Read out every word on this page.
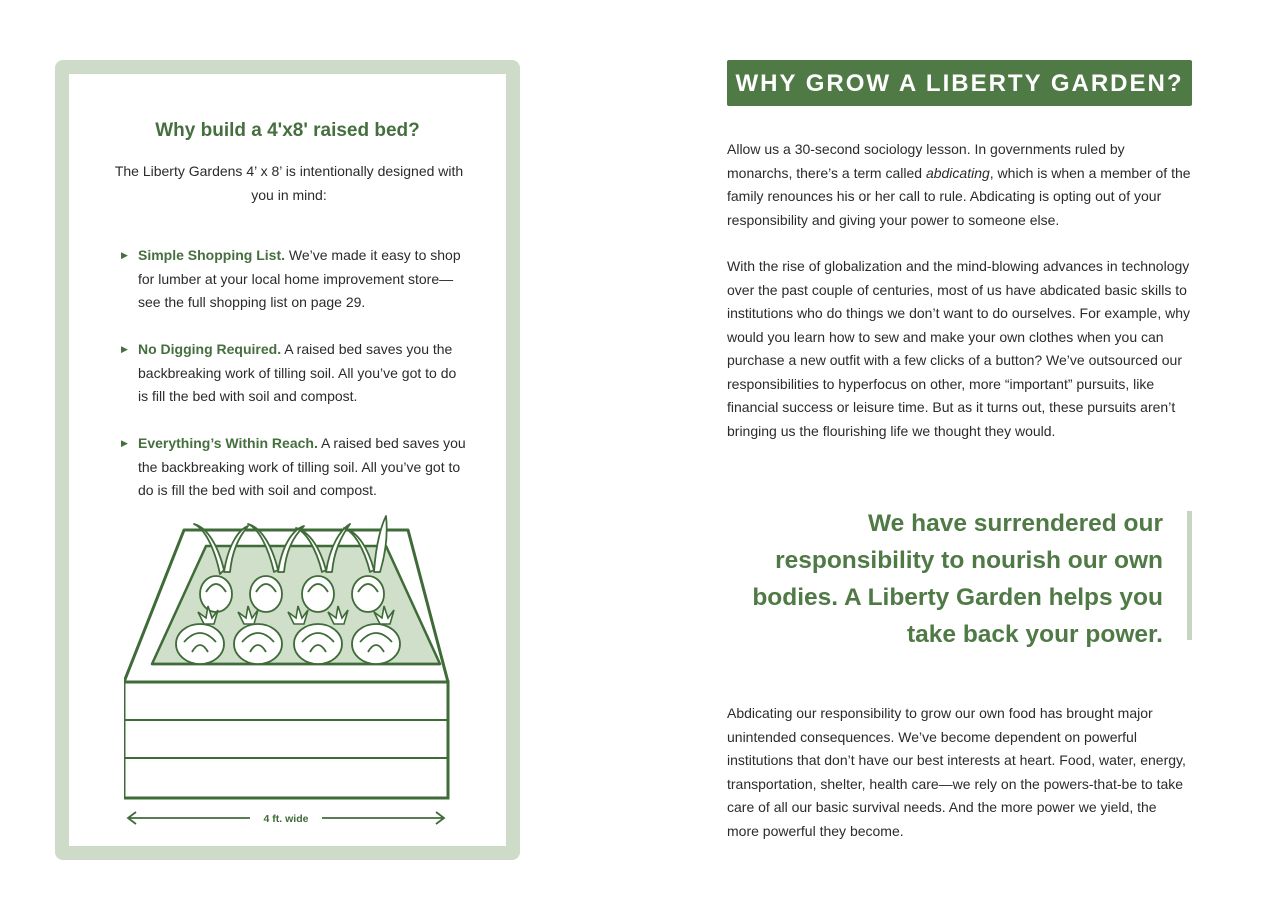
Why build a 4'x8' raised bed?
The Liberty Gardens 4’ x 8’ is intentionally designed with you in mind:
▶ Simple Shopping List. We’ve made it easy to shop for lumber at your local home improvement store—see the full shopping list on page 29.
▶ No Digging Required. A raised bed saves you the backbreaking work of tilling soil. All you’ve got to do is fill the bed with soil and compost.
▶ Everything’s Within Reach. A raised bed saves you the backbreaking work of tilling soil. All you’ve got to do is fill the bed with soil and compost.
4 ft. wide
WHY GROW A LIBERTY GARDEN?

Allow us a 30-second sociology lesson. In governments ruled by monarchs, there’s a term called abdicating, which is when a member of the family renounces his or her call to rule. Abdicating is opting out of your responsibility and giving your power to someone else.

With the rise of globalization and the mind-blowing advances in technology over the past couple of centuries, most of us have abdicated basic skills to institutions who do things we don’t want to do ourselves. For example, why would you learn how to sew and make your own clothes when you can purchase a new outfit with a few clicks of a button? We’ve outsourced our responsibilities to hyperfocus on other, more “important” pursuits, like financial success or leisure time. But as it turns out, these pursuits aren’t bringing us the flourishing life we thought they would.

We have surrendered our responsibility to nourish our own bodies. A Liberty Garden helps you take back your power.

Abdicating our responsibility to grow our own food has brought major unintended consequences. We’ve become dependent on powerful institutions that don’t have our best interests at heart. Food, water, energy, transportation, shelter, health care—we rely on the powers-that-be to take care of all our basic survival needs. And the more power we yield, the more powerful they become.
